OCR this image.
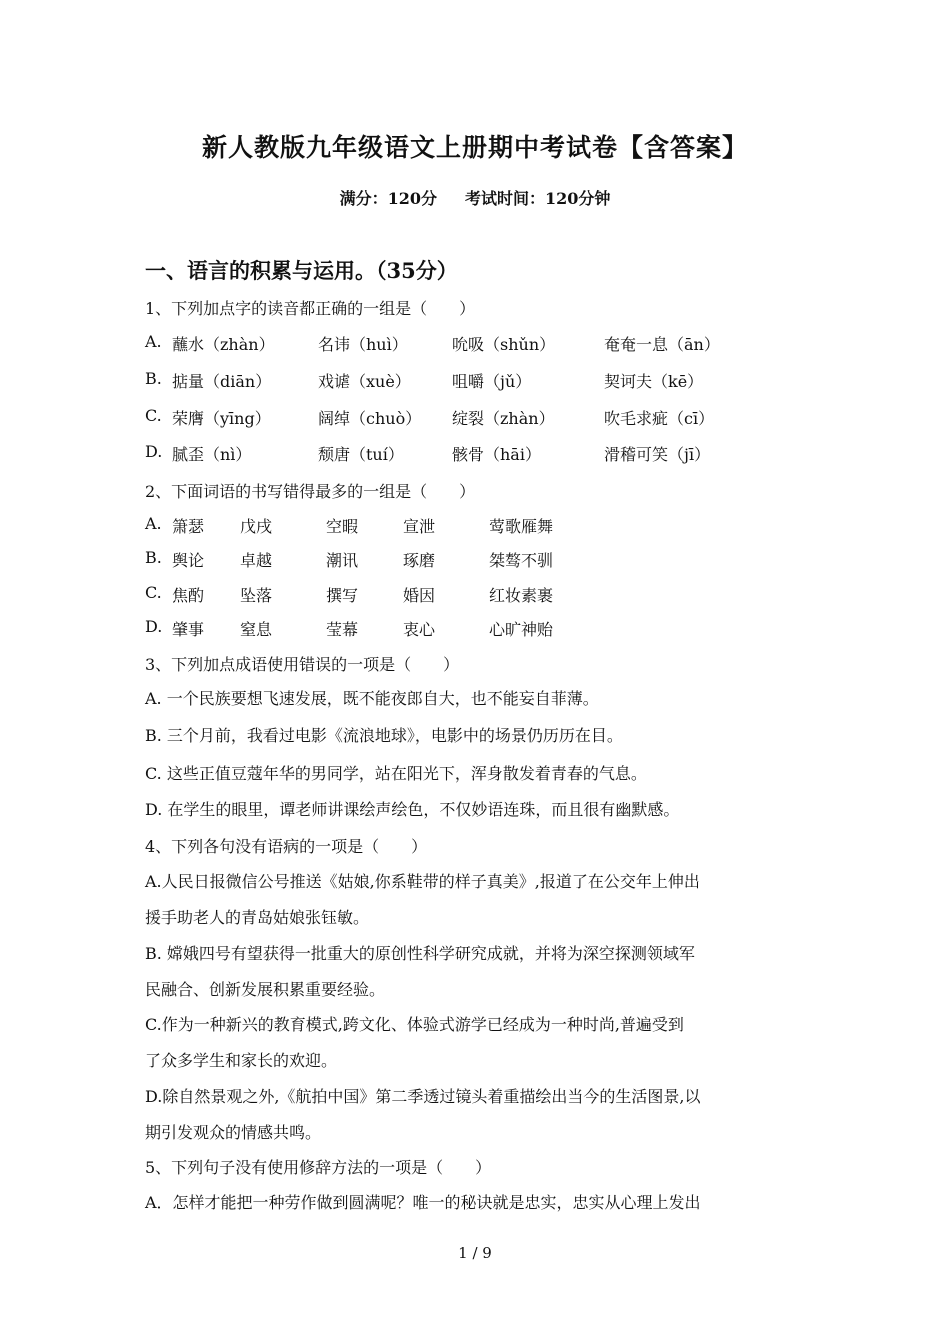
新人教版九年级语文上册期中考试卷【含答案】
满分：120分 考试时间：120分钟
一、语言的积累与运用。（35分）
1、下列加点字的读音都正确的一组是（　　）
A. 蘸水（zhàn）	名讳（huì）	吮吸（shǔn）	奄奄一息（ān）
B. 掂量（diān）	戏谑（xuè）	咀嚼（jǔ）	契诃夫（kē）
C. 荣膺（yīng）	阔绰（chuò） 绽裂（zhàn）	吹毛求疵（cī）
D. 腻歪（nì）	颓唐（tuí）	骸骨（hāi）	滑稽可笑（jī）
2、下面词语的书写错得最多的一组是（　　）
A. 箫瑟 戊戌	空暇	宣泄	莺歌雁舞
B. 舆论 卓越	潮讯	琢磨	桀骜不驯
C. 焦酌 坠落	撰写	婚因	红妆素裹
D. 肇事 窒息	莹幕	衷心	心旷神贻
3、下列加点成语使用错误的一项是（　　）
A. 一个民族要想飞速发展，既不能夜郎自大，也不能妄自菲薄。
B. 三个月前，我看过电影《流浪地球》，电影中的场景仍历历在目。
C. 这些正值豆蔻年华的男同学，站在阳光下，浑身散发着青春的气息。
D. 在学生的眼里，谭老师讲课绘声绘色，不仅妙语连珠，而且很有幽默感。
4、下列各句没有语病的一项是（　　）
A.人民日报微信公号推送《姑娘,你系鞋带的样子真美》,报道了在公交年上伸出
援手助老人的青岛姑娘张钰敏。
B. 嫦娥四号有望获得一批重大的原创性科学研究成就，并将为深空探测领域军
民融合、创新发展积累重要经验。
C.作为一种新兴的教育模式,跨文化、体验式游学已经成为一种时尚,普遍受到
了众多学生和家长的欢迎。
D.除自然景观之外,《航拍中国》第二季透过镜头着重描绘出当今的生活图景,以
期引发观众的情感共鸣。
5、下列句子没有使用修辞方法的一项是（　　）
A．怎样才能把一种劳作做到圆满呢？唯一的秘诀就是忠实，忠实从心理上发出
1 / 9
